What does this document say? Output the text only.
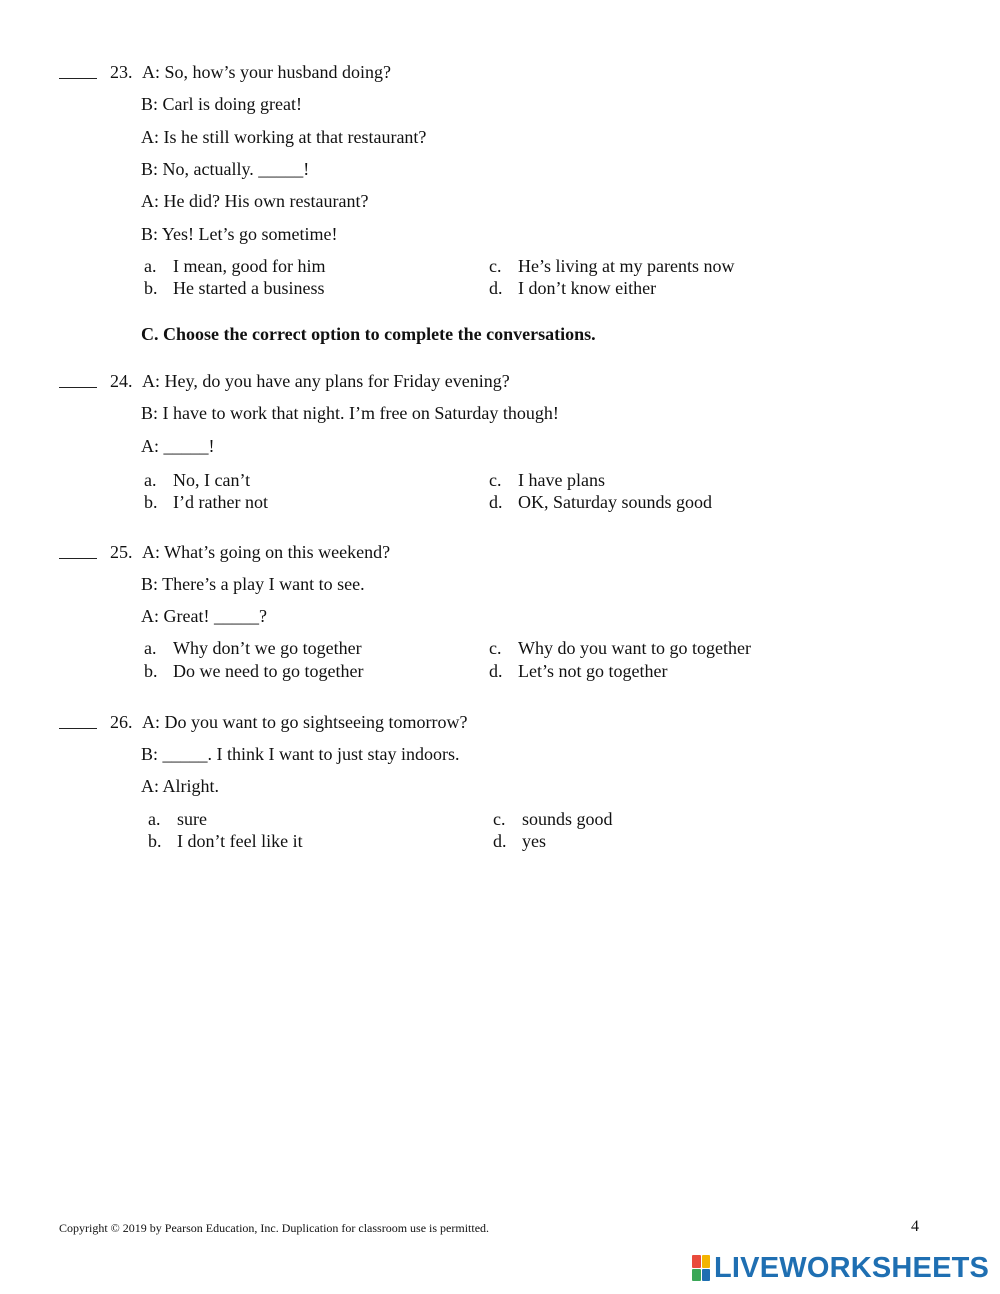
23. A: So, how’s your husband doing?
B: Carl is doing great!
A: Is he still working at that restaurant?
B: No, actually. _____!
A: He did? His own restaurant?
B: Yes! Let’s go sometime!
a. I mean, good for him
b. He started a business
c. He’s living at my parents now
d. I don’t know either
C. Choose the correct option to complete the conversations.
24. A: Hey, do you have any plans for Friday evening?
B: I have to work that night. I’m free on Saturday though!
A: _____!
a. No, I can’t
b. I’d rather not
c. I have plans
d. OK, Saturday sounds good
25. A: What’s going on this weekend?
B: There’s a play I want to see.
A: Great! _____?
a. Why don’t we go together
b. Do we need to go together
c. Why do you want to go together
d. Let’s not go together
26. A: Do you want to go sightseeing tomorrow?
B: _____. I think I want to just stay indoors.
A: Alright.
a. sure
b. I don’t feel like it
c. sounds good
d. yes
Copyright © 2019 by Pearson Education, Inc. Duplication for classroom use is permitted.	4
LIVEWORKSHEETS
